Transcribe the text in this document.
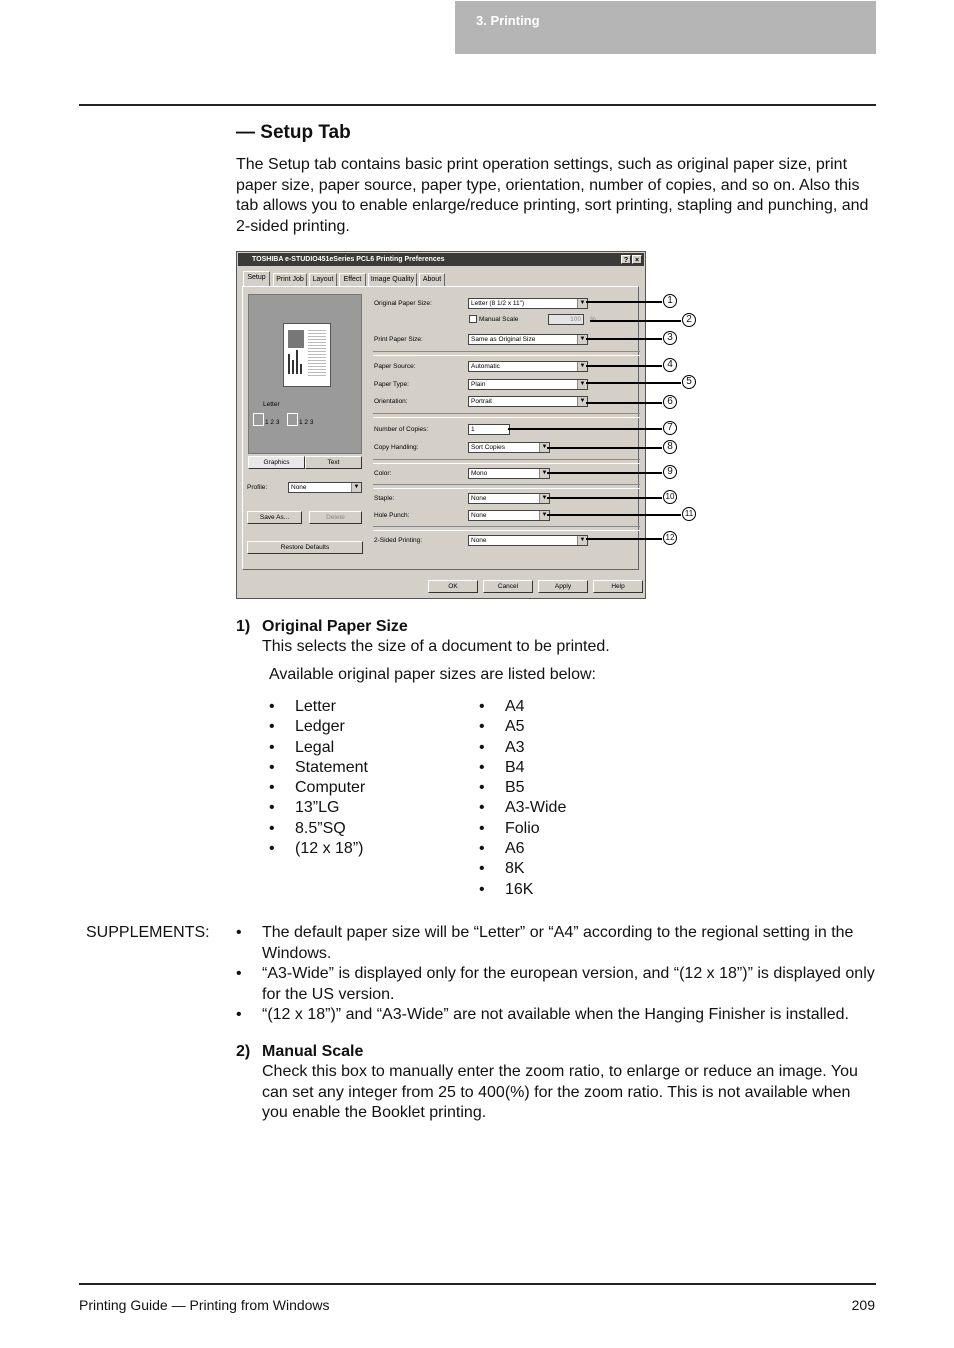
3. Printing
— Setup Tab
The Setup tab contains basic print operation settings, such as original paper size, print paper size, paper source, paper type, orientation, number of copies, and so on. Also this tab allows you to enable enlarge/reduce printing, sort printing, stapling and punching, and 2-sided printing.
TOSHIBA e-STUDIO451eSeries PCL6 Printing Preferences	? ×
Setup	Print Job	Layout	Effect	Image Quality	About
Letter
1 2 3	1 2 3
Graphics	Text
Profile:	None	▼
Save As...	Delete
Restore Defaults
Original Paper Size:	Letter (8 1/2 x 11")	▼
Manual Scale	100
Print Paper Size:	Same as Original Size	▼
Paper Source:	Automatic	▼
Paper Type:	Plain	▼
Orientation:	Portrait	▼
Number of Copies:	1
Copy Handling:	Sort Copies	▼
Color:	Mono	▼
Staple:	None	▼
Hole Punch:	None	▼
2-Sided Printing:	None	▼
OK	Cancel	Apply	Help
1
2
3
4
5
6
7
8
9
10
11
12
1) Original Paper Size
This selects the size of a document to be printed.
Available original paper sizes are listed below:
• Letter
• Ledger
• Legal
• Statement
• Computer
• 13”LG
• 8.5”SQ
• (12 x 18”)
• A4
• A5
• A3
• B4
• B5
• A3-Wide
• Folio
• A6
• 8K
• 16K
SUPPLEMENTS:	• The default paper size will be “Letter” or “A4” according to the regional setting in the Windows.
• “A3-Wide” is displayed only for the european version, and “(12 x 18”)” is displayed only for the US version.
• “(12 x 18”)” and “A3-Wide” are not available when the Hanging Finisher is installed.
2) Manual Scale
Check this box to manually enter the zoom ratio, to enlarge or reduce an image. You can set any integer from 25 to 400(%) for the zoom ratio. This is not available when you enable the Booklet printing.
Printing Guide — Printing from Windows	209
